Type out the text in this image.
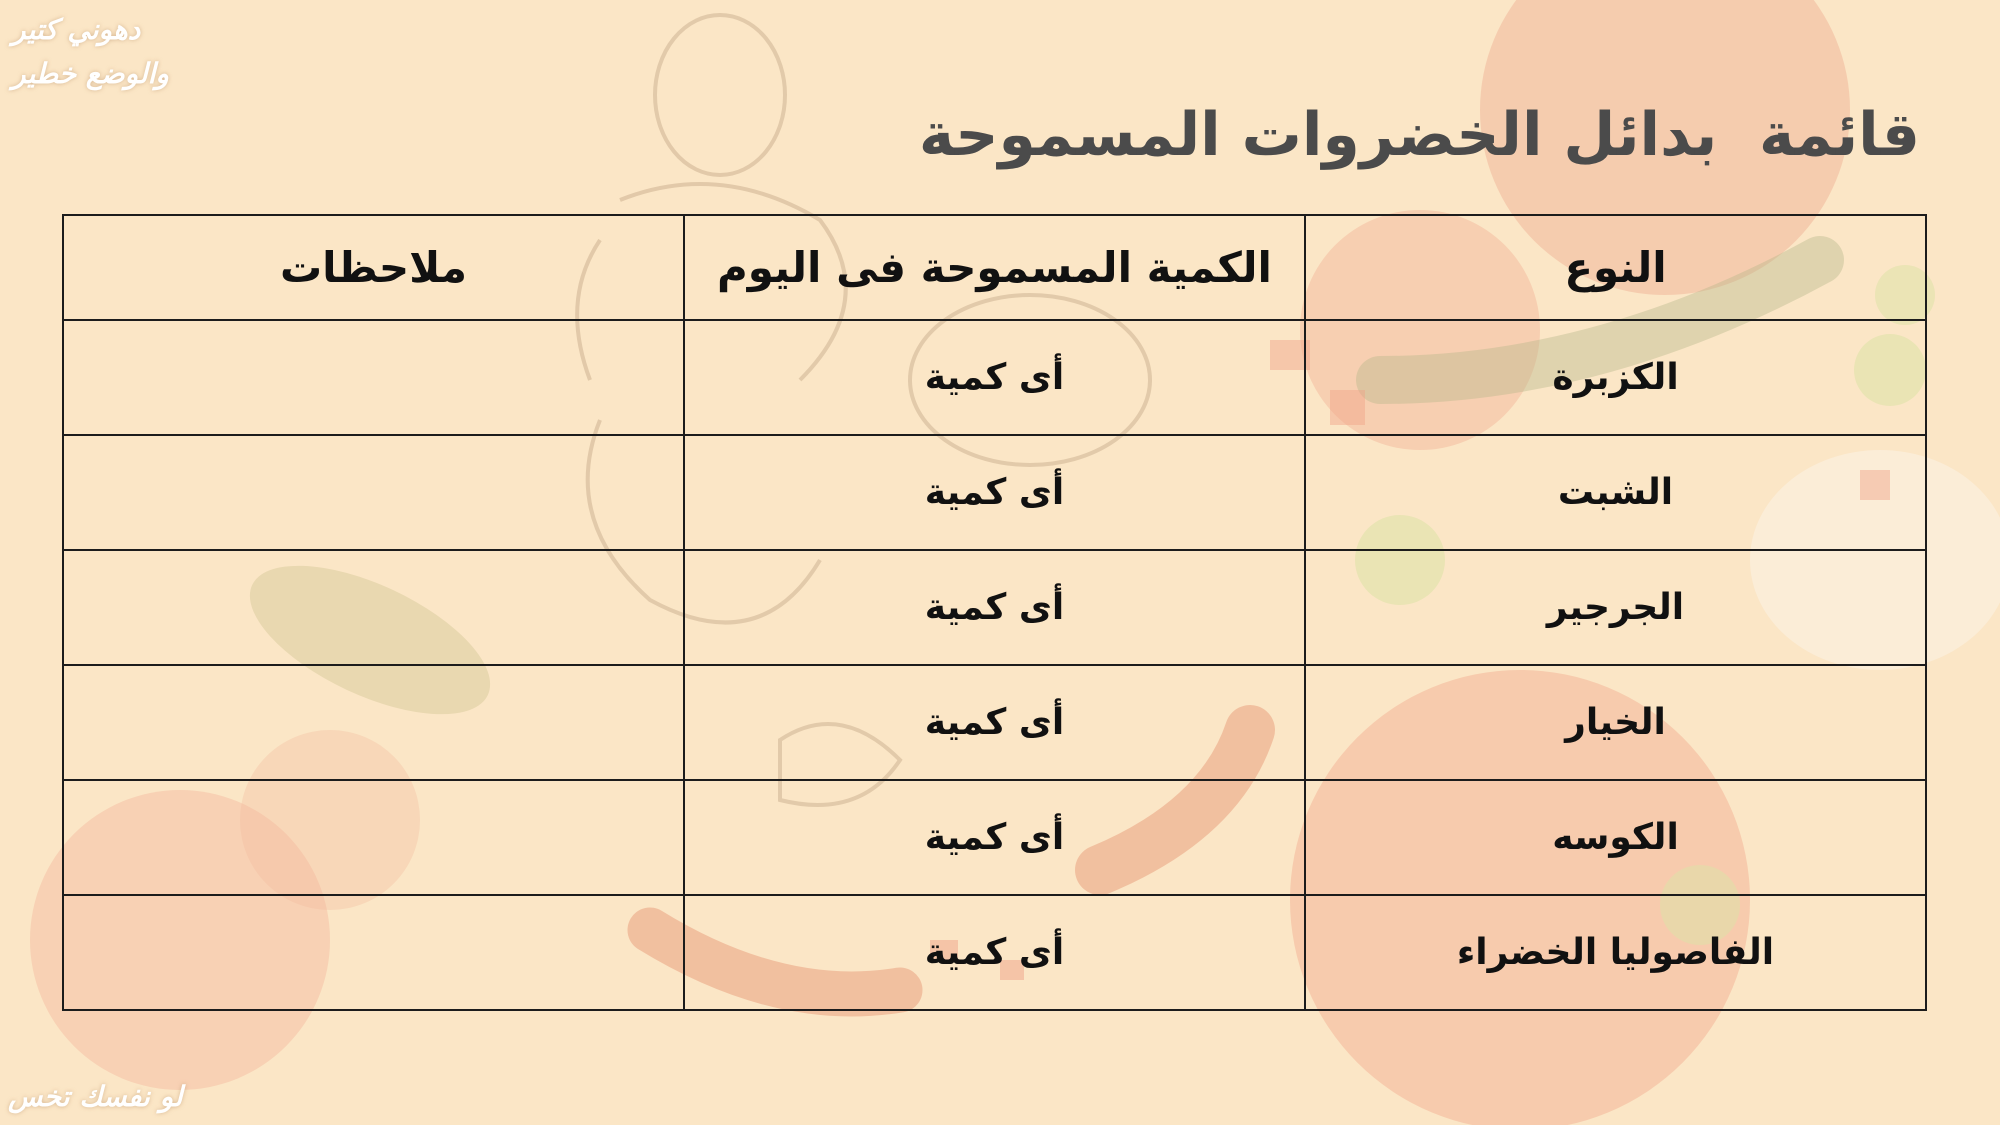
دهوني كتير
والوضع خطير
لو نفسك تخس
قائمة  بدائل الخضروات المسموحة
النوع	الكمية المسموحة فى اليوم	ملاحظات
الكزبرة	أى كمية	
الشبت	أى كمية	
الجرجير	أى كمية	
الخيار	أى كمية	
الكوسه	أى كمية	
الفاصوليا الخضراء	أى كمية	
